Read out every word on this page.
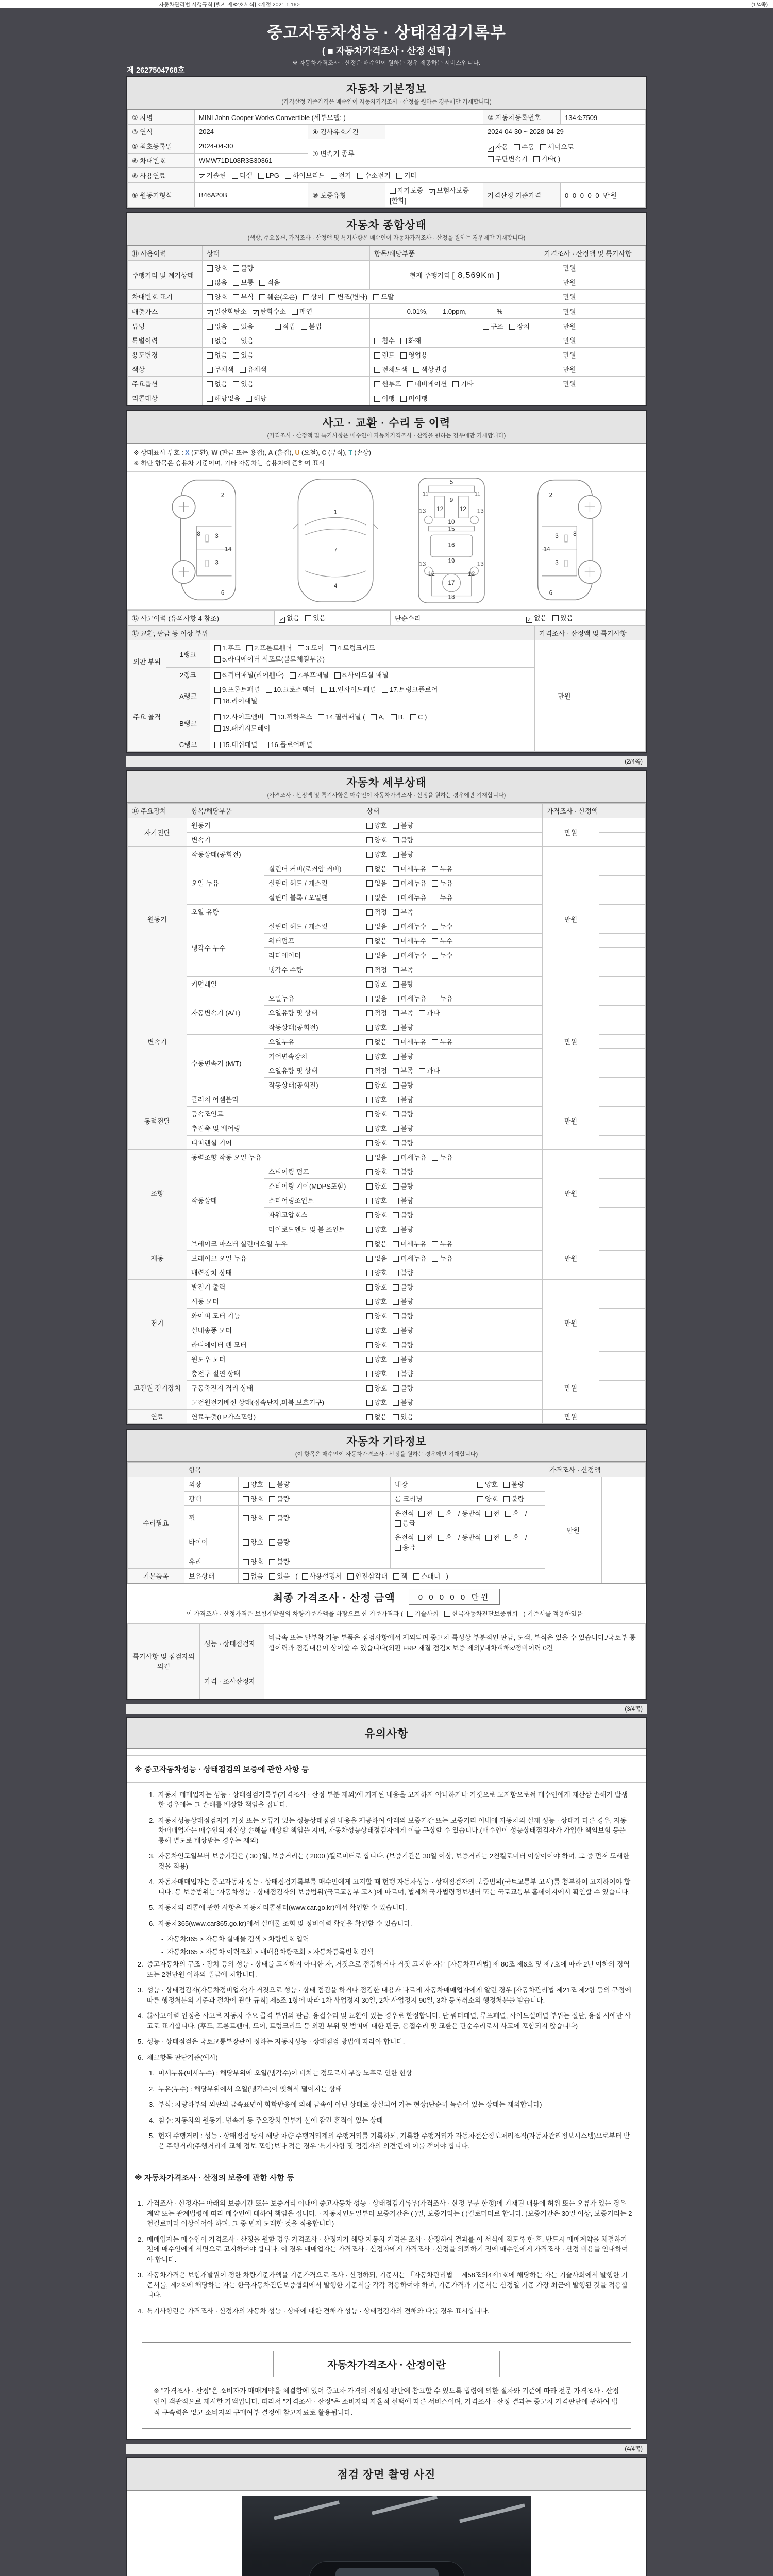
자동차관리법 시행규칙 [별지 제82호서식] <개정 2021.1.16>	(1/4쪽)
중고자동차성능 · 상태점검기록부
( ■ 자동차가격조사 · 산정 선택 )
※ 자동차가격조사 · 산정은 매수인이 원하는 경우 제공하는 서비스입니다.
제 2627504768호
자동차 기본정보
(가격산정 기준가격은 매수인이 자동차가격조사 · 산정을 원하는 경우에만 기재합니다)
① 차명	MINI John Cooper Works Convertible (세부모델: )			② 자동차등록번호	134소7509
③ 연식	2024	④ 검사유효기간		2024-04-30 ~ 2028-04-29	
⑤ 최초등록일	2024-04-30	⑦ 변속기 종류		✓ 자동 수동 세미오토
무단변속기 기타( )	

⑥ 차대번호	WMW71DL08R3S30361				
⑧ 사용연료	✓ 가솔린 디젤 LPG 하이브리드 전기 수소전기 기타				
⑨ 원동기형식	B46A20B	⑩ 보증유형	자가보증 ✓ 보험사보증[한화]	가격산정 기준가격	0 0 0 0 0 만원
자동차 종합상태
(색상, 주요옵션, 가격조사 · 산정액 및 특기사항은 매수인이 자동차가격조사 · 산정을 원하는 경우에만 기재합니다)
⑪ 사용이력	상태	항목/해당부품	가격조사 · 산정액 및 특기사항	
주행거리 및 계기상태	양호 불량	현재 주행거리 [ 8,569Km ]	만원	
	많음 보통 적음		만원	
차대번호 표기	양호 부식 훼손(오손) 상이 변조(변타) 도말		만원	
배출가스	✓ 일산화탄소 ✓ 탄화수소 매연	0.01%,        1.0ppm,                %	만원	
튜닝	없음 있음 적법 불법	구조 장치	만원	
특별이력	없음 있음	침수 화재	만원	
용도변경	없음 있음	렌트 영업용	만원	
색상	무채색 유채색	전체도색 색상변경	만원	
주요옵션	없음 있음	썬루프 네비게이션 기타	만원	
리콜대상	해당없음 해당	이행 미이행		
사고 · 교환 · 수리 등 이력
(가격조사 · 산정액 및 특기사항은 매수인이 자동차가격조사 · 산정을 원하는 경우에만 기재합니다)
※ 상태표시 부호 : X (교환), W (판금 또는 용접), A (흠집), U (요철), C (부식), T (손상)
※ 하단 항목은 승용차 기준이며, 기타 자동차는 승용차에 준하여 표시
2
8 3
14
3
6
1
7
4
5
11	11
9
13 12	12 13
10
15
16
13	19	13
12
17
12
18
2
3 8
14
3
6
⑫ 사고이력 (유의사항 4 참조)	✓ 없음 있음	단순수리	✓ 없음 있음
⑬ 교환, 판금 등 이상 부위			가격조사 · 산정액 및 특기사항	
외판 부위	1랭크	1.후드 2.프론트휀더 3.도어 4.트렁크리드
5.라디에이터 서포트(볼트체결부품)	만원	
	2랭크	6.쿼터패널(리어휀다) 7.루프패널 8.사이드실 패널		
주요 골격	A랭크	9.프론트패널 10.크로스멤버 11.인사이드패널 17.트렁크플로어
18.리어패널		

	B랭크	12.사이드멤버 13.휠하우스 14.필러패널 ( A, B, C )
19.패키지트레이		

	C랭크	15.대쉬패널 16.플로어패널		
(2/4쪽)
자동차 세부상태
(가격조사 · 산정액 및 특기사항은 매수인이 자동차가격조사 · 산정을 원하는 경우에만 기재합니다)
⑭ 주요장치	항목/해당부품		상태	가격조사 · 산정액	
자기진단	원동기		양호 불량	만원	
	변속기		양호 불량		
원동기	작동상태(공회전)		양호 불량	만원	
	오일 누유	실린더 커버(로커암 커버)	없음 미세누유 누유		
		실린더 헤드 / 개스킷	없음 미세누유 누유		
		실린더 블록 / 오일팬	없음 미세누유 누유		
	오일 유량		적정 부족		
	냉각수 누수	실린더 헤드 / 개스킷	없음 미세누수 누수		
		워터펌프	없음 미세누수 누수		
		라디에이터	없음 미세누수 누수		
		냉각수 수량	적정 부족		
	커먼레일		양호 불량		
변속기	자동변속기 (A/T)	오일누유	없음 미세누유 누유	만원	
		오일유량 및 상태	적정 부족 과다		
		작동상태(공회전)	양호 불량		
	수동변속기 (M/T)	오일누유	없음 미세누유 누유		
		기어변속장치	양호 불량		
		오일유량 및 상태	적정 부족 과다		
		작동상태(공회전)	양호 불량		
동력전달	클러치 어셈블리		양호 불량	만원	
	등속조인트		양호 불량		
	추진축 및 베어링		양호 불량		
	디퍼렌셜 기어		양호 불량		
조향	동력조향 작동 오일 누유		없음 미세누유 누유	만원	
	작동상태	스티어링 펌프	양호 불량		
		스티어링 기어(MDPS포함)	양호 불량		
		스티어링조인트	양호 불량		
		파워고압호스	양호 불량		
		타이로드엔드 및 볼 조인트	양호 불량		
제동	브레이크 마스터 실린더오일 누유		없음 미세누유 누유	만원	
	브레이크 오일 누유		없음 미세누유 누유		
	배력장치 상태		양호 불량		
전기	발전기 출력		양호 불량	만원	
	시동 모터		양호 불량		
	와이퍼 모터 기능		양호 불량		
	실내송풍 모터		양호 불량		
	라디에이터 팬 모터		양호 불량		
	윈도우 모터		양호 불량		
고전원 전기장치	충전구 절연 상태		양호 불량	만원	
	구동축전지 격리 상태		양호 불량		
	고전원전기배선 상태(접속단자,피복,보호기구)		양호 불량		
연료	연료누출(LP가스포함)		없음 있음	만원	
자동차 기타정보
(이 항목은 매수인이 자동차가격조사 · 산정을 원하는 경우에만 기재합니다)
	항목				가격조사 · 산정액	
수리필요	외장	양호 불량	내장	양호 불량	만원	
	광택	양호 불량	룸 크리닝	양호 불량		
	휠	양호 불량	운전석 전 후 / 동반석 전 후 /응급			
	타이어	양호 불량	운전석 전 후 / 동반석 전 후 /응급			
	유리	양호 불량				
기본품목	보유상태	없음 있음 ( 사용설명서 안전삼각대 잭 스패너 )				
최종 가격조사 · 산정 금액	0 0 0 0 0 만원
이 가격조사 · 산정가격은 보험개발원의 차량기준가액을 바탕으로 한 기준가격과 ( 기술사회 한국자동차진단보증협회 ) 기준서를 적용하였음
특기사항 및 점검자의 의견	성능 · 상태점검자	비금속 또는 탈부착 가능 부품은 점검사항에서 제외되며 중고차 특성상 부분적인 판금, 도색, 부식은 있을 수 있습니다./국토부 통합이력과 점검내용이 상이할 수 있습니다(외판 FRP 재질 점검X 보증 제외)/내차피해x/정비이력 0건
	가격 · 조사산정자	
(3/4쪽)
유의사항
※ 중고자동차성능 · 상태점검의 보증에 관한 사항 등
1. 자동차 매매업자는 성능 · 상태점검기록부(가격조사 · 산정 부분 제외)에 기재된 내용을 고지하지 아니하거나 거짓으로 고지함으로써 매수인에게 재산상 손해가 발생한 경우에는 그 손해를 배상할 책임을 집니다.
2. 자동차성능상태점검자가 거짓 또는 오류가 있는 성능상태점검 내용을 제공하여 아래의 보증기간 또는 보증거리 이내에 자동차의 실제 성능 · 상태가 다른 경우, 자동차매매업자는 매수인의 재산상 손해를 배상할 책임을 지며, 자동차성능상태점검자에게 이를 구상할 수 있습니다.(매수인이 성능상태점검자가 가입한 책임보험 등을 통해 별도로 배상받는 경우는 제외)
3. 자동차인도일부터 보증기간은 ( 30 )일, 보증거리는 ( 2000 )킬로미터로 합니다. (보증기간은 30일 이상, 보증거리는 2천킬로미터 이상이어야 하며, 그 중 먼저 도래한 것을 적용)
4. 자동차매매업자는 중고자동차 성능 · 상태점검기록부를 매수인에게 고지할 때 현행 자동차성능 · 상태점검자의 보증범위(국토교통부 고시)를 첨부하여 고지하여야 합니다. 동 보증범위는 '자동차성능 · 상태점검자의 보증범위'(국토교통부 고시)에 따르며, 법제처 국가법령정보센터 또는 국토교통부 홈페이지에서 확인할 수 있습니다.
5. 자동차의 리콜에 관한 사항은 자동차리콜센터(www.car.go.kr)에서 확인할 수 있습니다.
6. 자동차365(www.car365.go.kr)에서 실매물 조회 및 정비이력 확인을 확인할 수 있습니다.
- 자동차365 > 자동차 실매물 검색 > 차량번호 입력
- 자동차365 > 자동차 이력조회 > 매매용차량조회 > 자동차등록번호 검색
2. 중고자동차의 구조 · 장치 등의 성능 · 상태를 고지하지 아니한 자, 거짓으로 점검하거나 거짓 고지한 자는 [자동차관리법] 제 80조 제6호 및 제7호에 따라 2년 이하의 징역 또는 2천만원 이하의 벌금에 처합니다.
3. 성능 · 상태점검자(자동차정비업자)가 거짓으로 성능 · 상태 점검을 하거나 점검한 내용과 다르게 자동차매매업자에게 알린 경우 [자동차관리법 제21조 제2항 등의 규정에 따른 행정처분의 기준과 절차에 관한 규칙] 제5조 1항에 따라 1차 사업정지 30일, 2차 사업정지 90일, 3차 등록취소의 행정처분을 받습니다.
4. ⑫사고이력 인정은 사고로 자동차 주요 골격 부위의 판금, 용접수리 및 교환이 있는 경우로 한정합니다. 단 쿼터패널, 루프패널, 사이드실패널 부위는 절단, 용접 시에만 사고로 표기합니다. (후드, 프론트펜더, 도어, 트렁크리드 등 외판 부위 및 범퍼에 대한 판금, 용접수리 및 교환은 단순수리로서 사고에 포함되지 않습니다)
5. 성능 · 상태점검은 국토교통부장관이 정하는 자동차성능 · 상태점검 방법에 따라야 합니다.
6. 체크항목 판단기준(예시)
1. 미세누유(미세누수) : 해당부위에 오일(냉각수)이 비치는 정도로서 부품 노후로 인한 현상
2. 누유(누수) : 해당부위에서 오일(냉각수)이 맺혀서 떨어지는 상태
3. 부식: 차량하부와 외판의 금속표면이 화학반응에 의해 금속이 아닌 상태로 상실되어 가는 현상(단순히 녹슬어 있는 상태는 제외합니다)
4. 침수: 자동차의 원동기, 변속기 등 주요장치 일부가 물에 잠긴 흔적이 있는 상태
5. 현재 주행거리 : 성능 · 상태점검 당시 해당 차량 주행거리계의 주행거리를 기록하되, 기록한 주행거리가 자동차전산정보처리조직(자동차관리정보시스템)으로부터 받은 주행거리(주행거리계 교체 정보 포함)보다 적은 경우 '특기사항 및 점검자의 의견'란에 이를 적어야 합니다.
※ 자동차가격조사 · 산정의 보증에 관한 사항 등
1. 가격조사 · 산정자는 아래의 보증기간 또는 보증거리 이내에 중고자동차 성능 · 상태점검기록부(가격조사 · 산정 부분 한정)에 기재된 내용에 허위 또는 오류가 있는 경우 계약 또는 관계법령에 따라 매수인에 대하여 책임을 집니다. · 자동차인도일부터 보증기간은 ( )일, 보증거리는 ( )킬로미터로 합니다. (보증기간은 30일 이상, 보증거리는 2천킬로미터 이상이어야 하며, 그 중 먼저 도래한 것을 적용합니다)
2. 매매업자는 매수인이 가격조사 · 산정을 원할 경우 가격조사 · 산정자가 해당 자동차 가격을 조사 · 산정하여 결과를 이 서식에 적도록 한 후, 반드시 매매계약을 체결하기 전에 매수인에게 서면으로 고지하여야 합니다. 이 경우 매매업자는 가격조사 · 산정자에게 가격조사 · 산정을 의뢰하기 전에 매수인에게 가격조사 · 산정 비용을 안내하여야 합니다.
3. 자동차가격은 보험개발원이 정한 차량기준가액을 기준가격으로 조사 · 산정하되, 기준서는 「자동차관리법」 제58조의4제1호에 해당하는 자는 기술사회에서 발행한 기준서를, 제2호에 해당하는 자는 한국자동차진단보증협회에서 발행한 기준서를 각각 적용하여야 하며, 기준가격과 기준서는 산정일 기준 가장 최근에 발행된 것을 적용합니다.
4. 특기사항란은 가격조사 · 산정자의 자동차 성능 · 상태에 대한 견해가 성능 · 상태점검자의 견해와 다를 경우 표시합니다.
자동차가격조사 · 산정이란
※ "가격조사 · 산정"은 소비자가 매매계약을 체결함에 있어 중고차 가격의 적절성 판단에 참고할 수 있도록 법령에 의한 절차와 기준에 따라 전문 가격조사 · 산정인이 객관적으로 제시한 가액입니다. 따라서 "가격조사 · 산정"은 소비자의 자율적 선택에 따른 서비스이며, 가격조사 · 산정 결과는 중고차 가격판단에 관하여 법적 구속력은 없고 소비자의 구매여부 결정에 참고자료로 활용됩니다.
(4/4쪽)
점검 장면 촬영 사진
